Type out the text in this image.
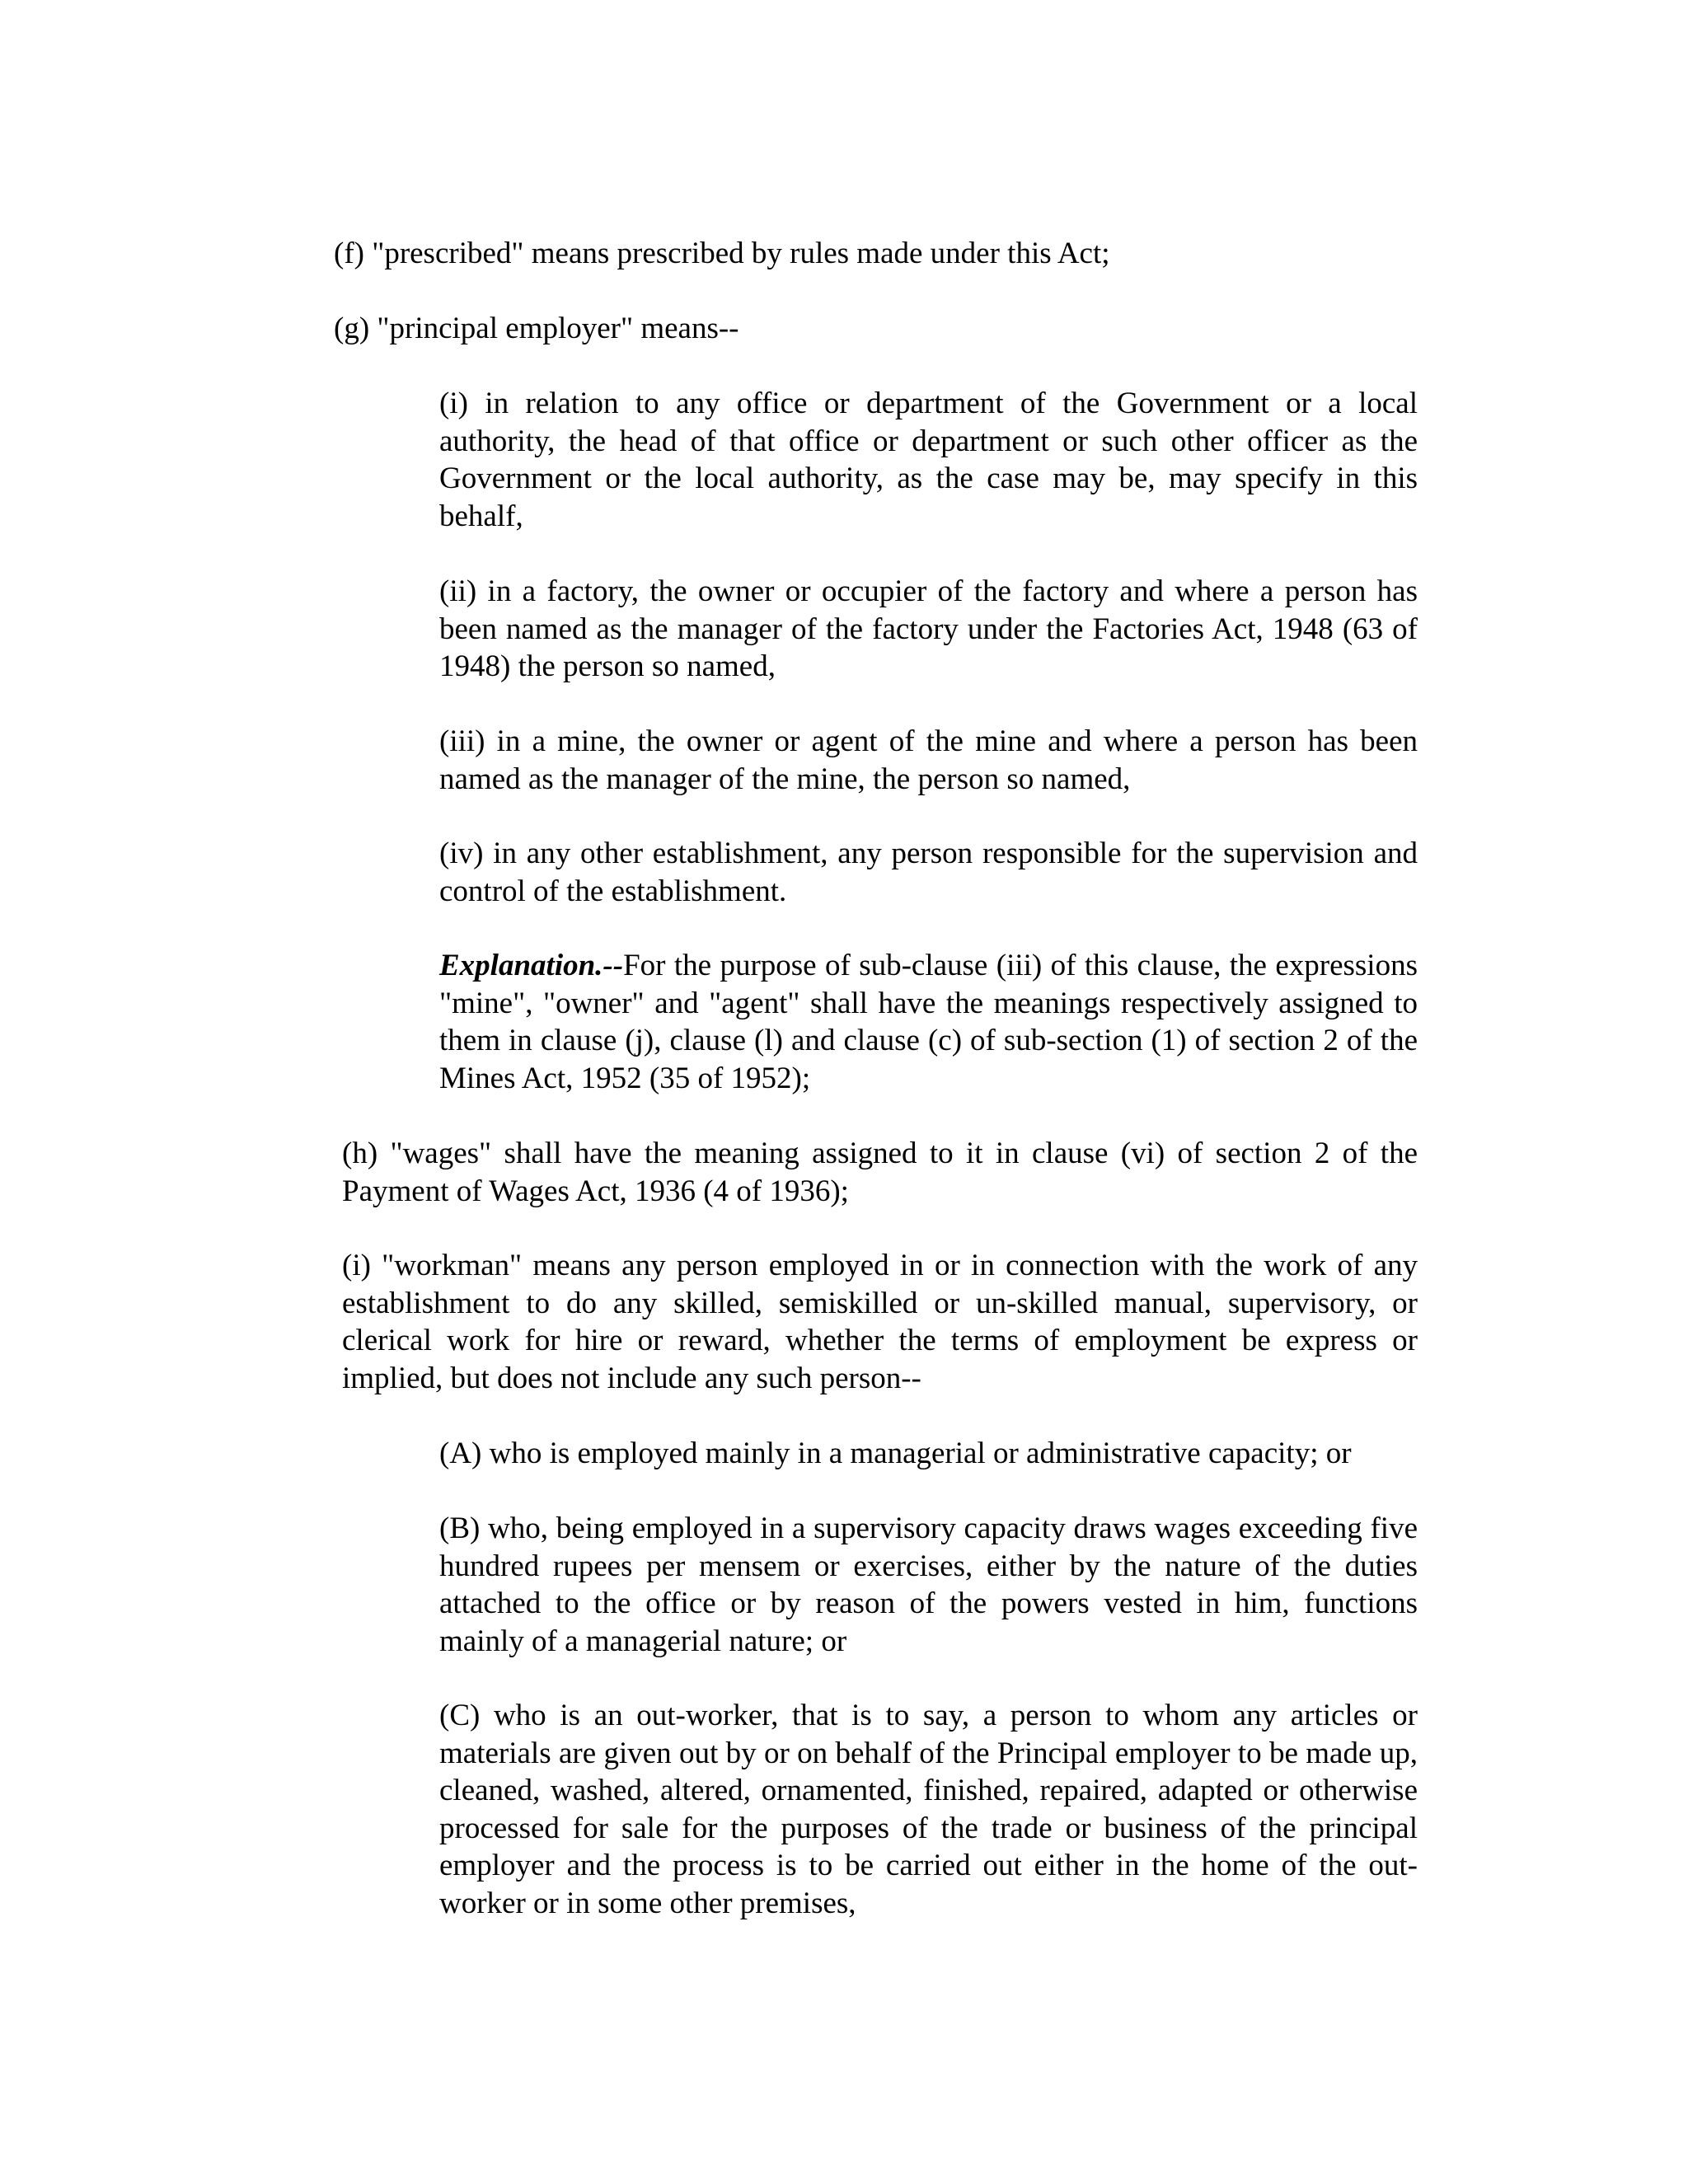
(f) "prescribed" means prescribed by rules made under this Act;

(g) "principal employer" means--

(i) in relation to any office or department of the Government or a local authority, the head of that office or department or such other officer as the Government or the local authority, as the case may be, may specify in this behalf,

(ii) in a factory, the owner or occupier of the factory and where a person has been named as the manager of the factory under the Factories Act, 1948 (63 of 1948) the person so named,

(iii) in a mine, the owner or agent of the mine and where a person has been named as the manager of the mine, the person so named,

(iv) in any other establishment, any person responsible for the supervision and control of the establishment.

Explanation.--For the purpose of sub-clause (iii) of this clause, the expressions "mine", "owner" and "agent" shall have the meanings respectively assigned to them in clause (j), clause (l) and clause (c) of sub-section (1) of section 2 of the Mines Act, 1952 (35 of 1952);

(h) "wages" shall have the meaning assigned to it in clause (vi) of section 2 of the Payment of Wages Act, 1936 (4 of 1936);

(i) "workman" means any person employed in or in connection with the work of any establishment to do any skilled, semiskilled or un-skilled manual, supervisory, or clerical work for hire or reward, whether the terms of employment be express or implied, but does not include any such person--

(A) who is employed mainly in a managerial or administrative capacity; or

(B) who, being employed in a supervisory capacity draws wages exceeding five hundred rupees per mensem or exercises, either by the nature of the duties attached to the office or by reason of the powers vested in him, functions mainly of a managerial nature; or

(C) who is an out-worker, that is to say, a person to whom any articles or materials are given out by or on behalf of the Principal employer to be made up, cleaned, washed, altered, ornamented, finished, repaired, adapted or otherwise processed for sale for the purposes of the trade or business of the principal employer and the process is to be carried out either in the home of the out-worker or in some other premises,
